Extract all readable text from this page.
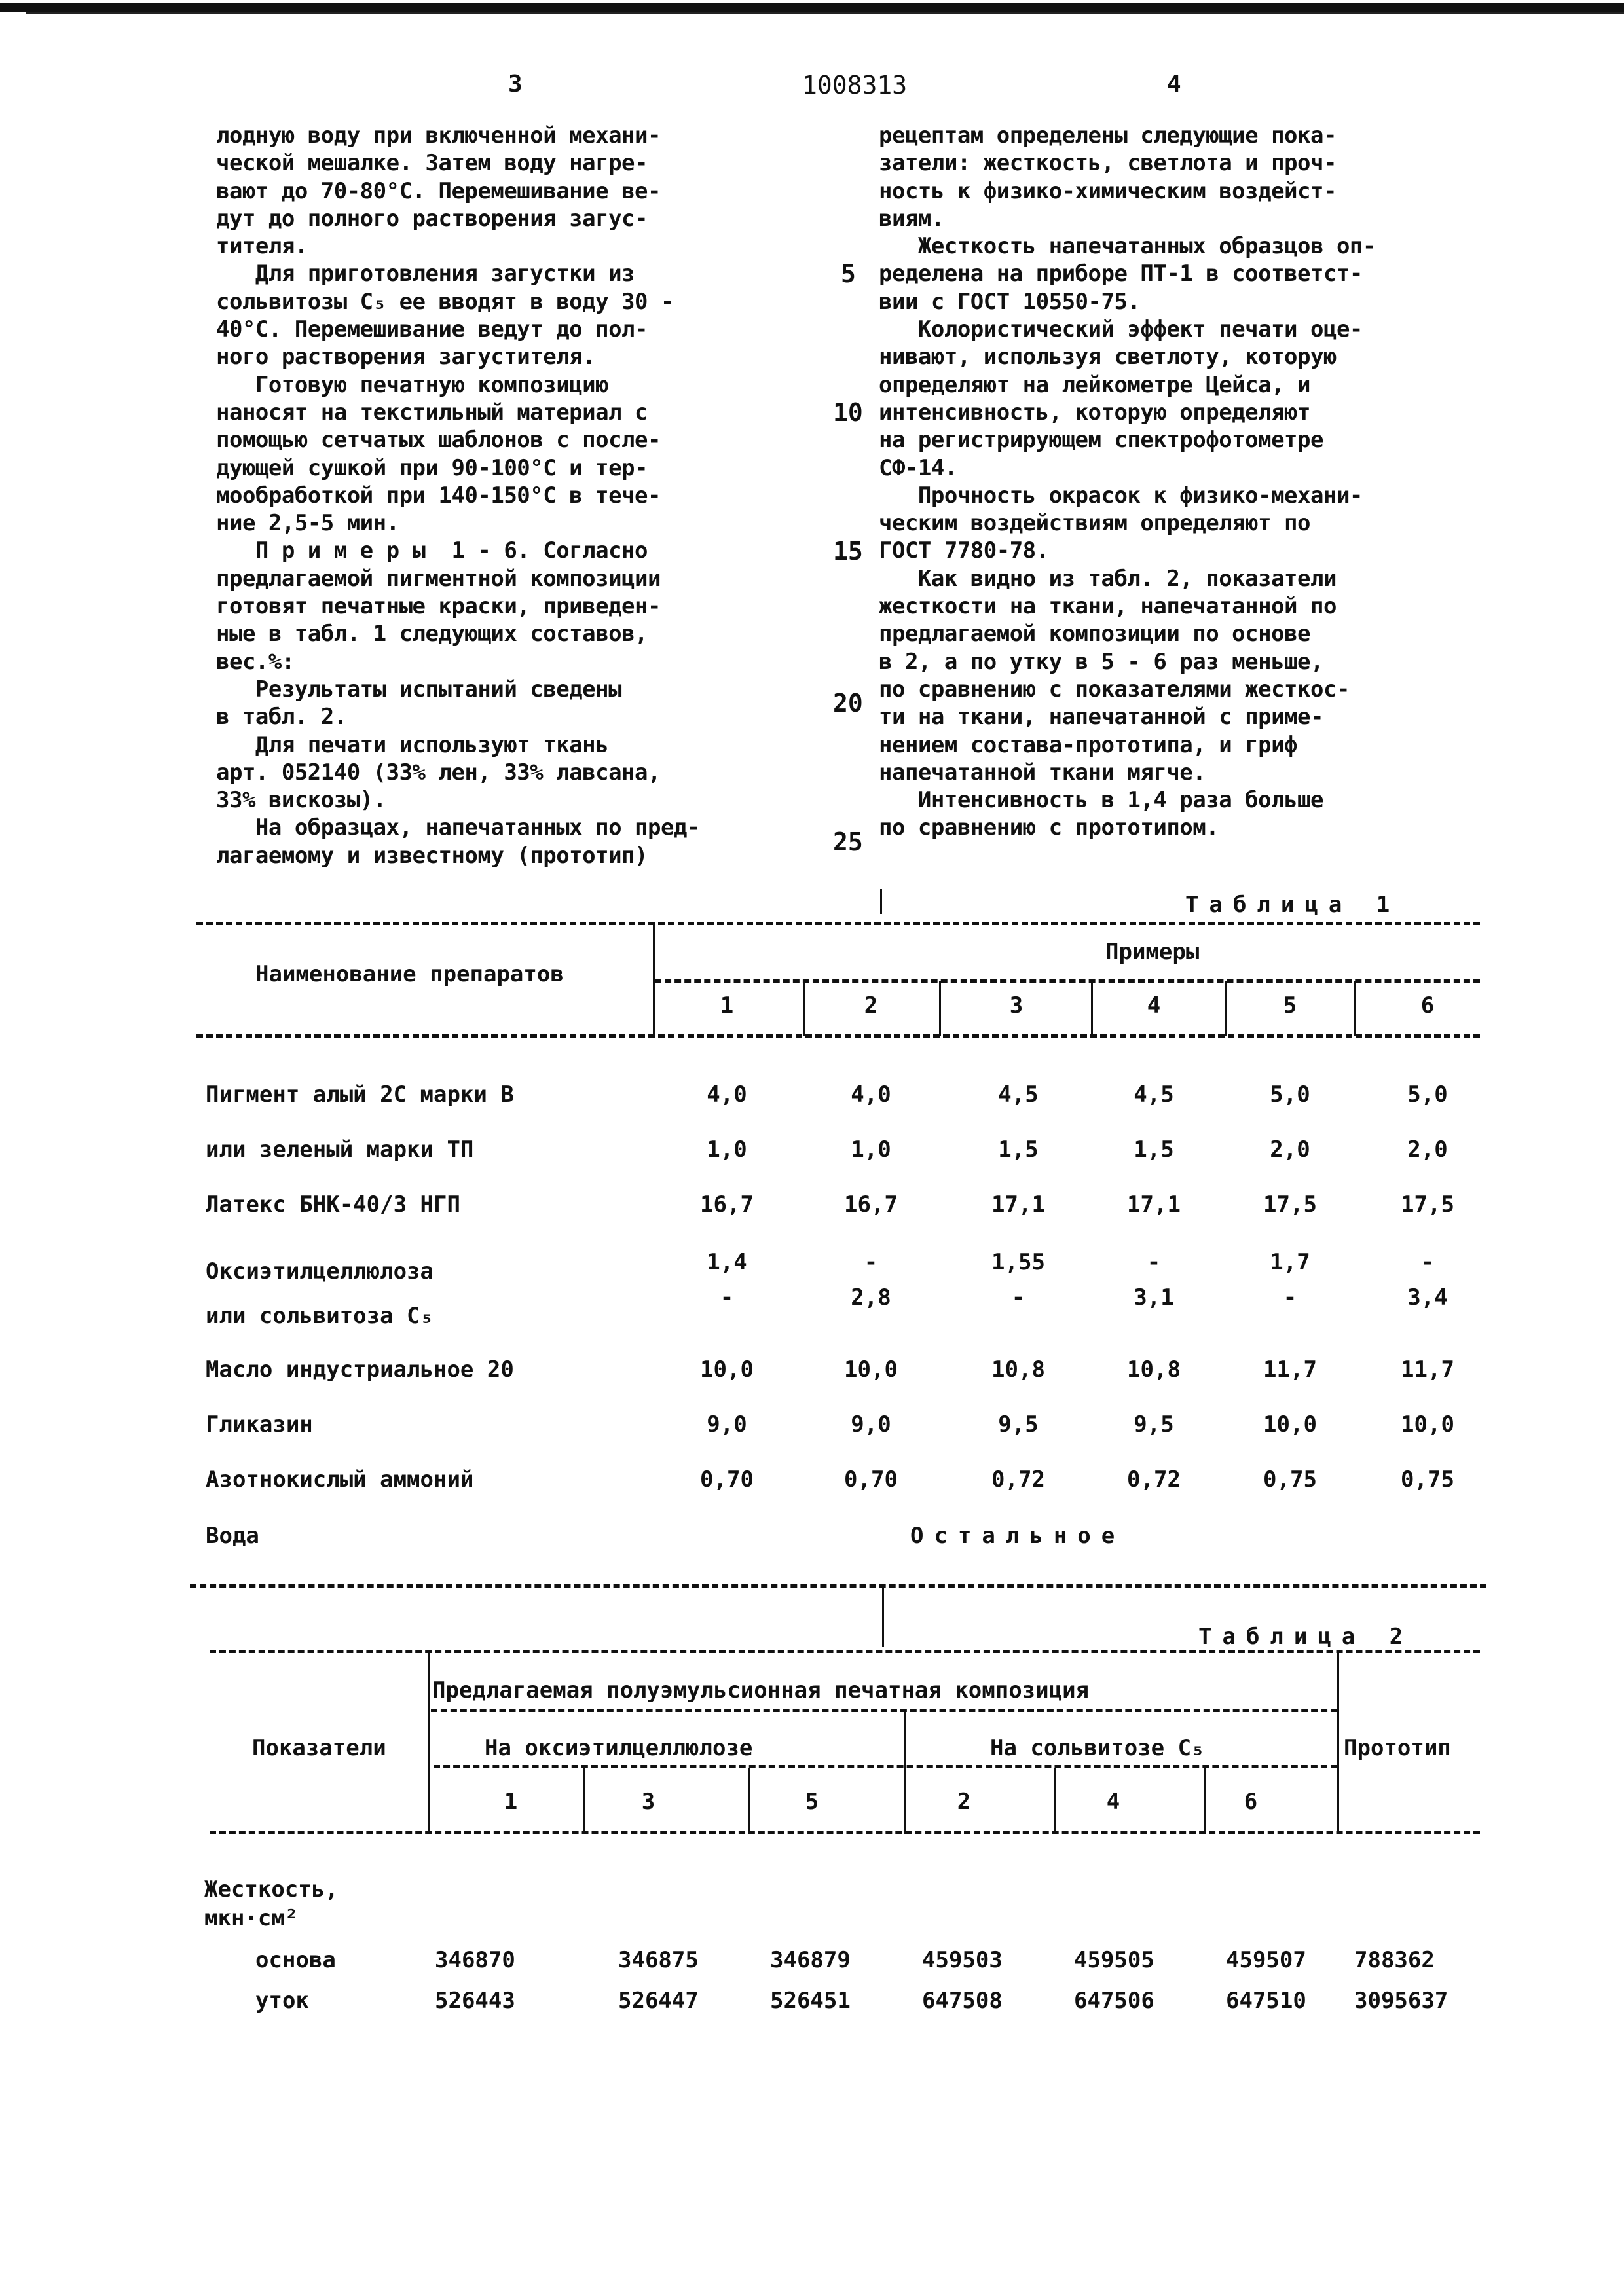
3	1008313	4
лодную воду при включенной механи-
ческой мешалке. Затем воду нагре-
вают до 70-80°С. Перемешивание ве-
дут до полного растворения загус-
тителя.
Для приготовления загустки из
сольвитозы С₅ ее вводят в воду 30 -
40°С. Перемешивание ведут до пол-
ного растворения загустителя.
Готовую печатную композицию
наносят на текстильный материал с
помощью сетчатых шаблонов с после-
дующей сушкой при 90-100°С и тер-
мообработкой при 140-150°С в тече-
ние 2,5-5 мин.
П р и м е р ы  1 - 6. Согласно
предлагаемой пигментной композиции
готовят печатные краски, приведен-
ные в табл. 1 следующих составов,
вес.%:
Результаты испытаний сведены
в табл. 2.
Для печати используют ткань
арт. 052140 (33% лен, 33% лавсана,
33% вискозы).
На образцах, напечатанных по пред-
лагаемому и известному (прототип)
рецептам определены следующие пока-
затели: жесткость, светлота и проч-
ность к физико-химическим воздейст-
виям.
Жесткость напечатанных образцов оп-
ределена на приборе ПТ-1 в соответст-
вии с ГОСТ 10550-75.
Колористический эффект печати оце-
нивают, используя светлоту, которую
определяют на лейкометре Цейса, и
интенсивность, которую определяют
на регистрирующем спектрофотометре
СФ-14.
Прочность окрасок к физико-механи-
ческим воздействиям определяют по
ГОСТ 7780-78.
Как видно из табл. 2, показатели
жесткости на ткани, напечатанной по
предлагаемой композиции по основе
в 2, а по утку в 5 - 6 раз меньше,
по сравнению с показателями жесткос-
ти на ткани, напечатанной с приме-
нением состава-прототипа, и гриф
напечатанной ткани мягче.
Интенсивность в 1,4 раза больше
по сравнению с прототипом.
5
10
15
20
25
Таблица 1
Наименование препаратов
Примеры
Вода	Остальное
Таблица 2
Предлагаемая полуэмульсионная печатная композиция
Показатели	На оксиэтилцеллюлозе	На сольвитозе С₅	Прототип
Жесткость,
мкн·см²
1	2	3	4	5	6
Пигмент алый 2С марки В	4,0	4,0	4,5	4,5	5,0	5,0
или зеленый марки ТП	1,0	1,0	1,5	1,5	2,0	2,0
Латекс БНК-40/3 НГП	16,7	16,7	17,1	17,1	17,5	17,5
Оксиэтилцеллюлоза	1,4	-	1,55	-	1,7	-
или сольвитоза С₅
-	2,8	-	3,1	-	3,4
Масло индустриальное 20	10,0	10,0	10,8	10,8	11,7	11,7
Гликазин	9,0	9,0	9,5	9,5	10,0	10,0
Азотнокислый аммоний	0,70	0,70	0,72	0,72	0,75	0,75
1	3	5	2	4	6
основа	346870	346875	346879	459503	459505	459507 788362
уток	526443	526447	526451	647508	647506	647510 3095637
